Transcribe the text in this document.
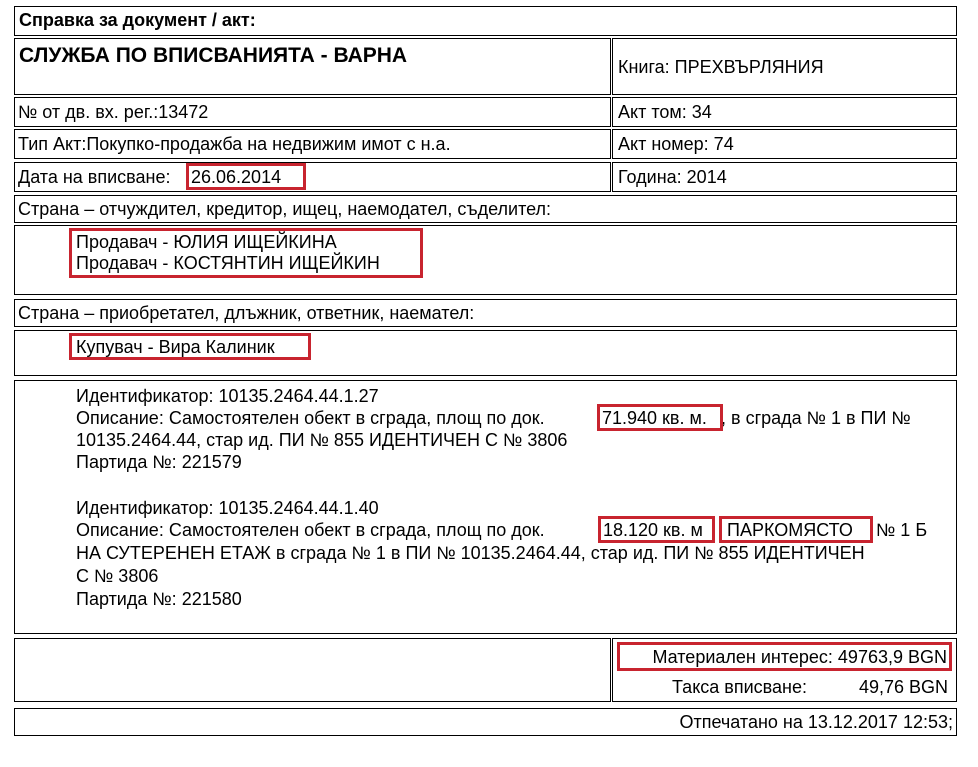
Справка за документ / акт:
СЛУЖБА ПО ВПИСВАНИЯТА - ВАРНА	Книга: ПРЕХВЪРЛЯНИЯ
№ от дв. вх. рег.:13472	Акт том: 34
Тип Акт:Покупко-продажба на недвижим имот с н.а.	Акт номер: 74
Дата на вписване: 26.06.2014	Година: 2014
Страна – отчуждител, кредитор, ищец, наемодател, съделител:
Продавач - ЮЛИЯ ИЩЕЙКИНА
Продавач - КОСТЯНТИН ИЩЕЙКИН
Страна – приобретател, длъжник, ответник, наемател:
Купувач - Вира Калиник
Идентификатор: 10135.2464.44.1.27
Описание: Самостоятелен обект в сграда, площ по док.	71.940 кв. м. , в сграда № 1 в ПИ №
10135.2464.44, стар ид. ПИ № 855 ИДЕНТИЧЕН С № 3806
Партида №: 221579
Идентификатор: 10135.2464.44.1.40
Описание: Самостоятелен обект в сграда, площ по док.	18.120 кв. м ПАРКОМЯСТО № 1 Б
НА СУТЕРЕНЕН ЕТАЖ в сграда № 1 в ПИ № 10135.2464.44, стар ид. ПИ № 855 ИДЕНТИЧЕН
С № 3806
Партида №: 221580
Материален интерес: 49763,9 BGN
Такса вписване:	49,76 BGN
Отпечатано на 13.12.2017 12:53;
